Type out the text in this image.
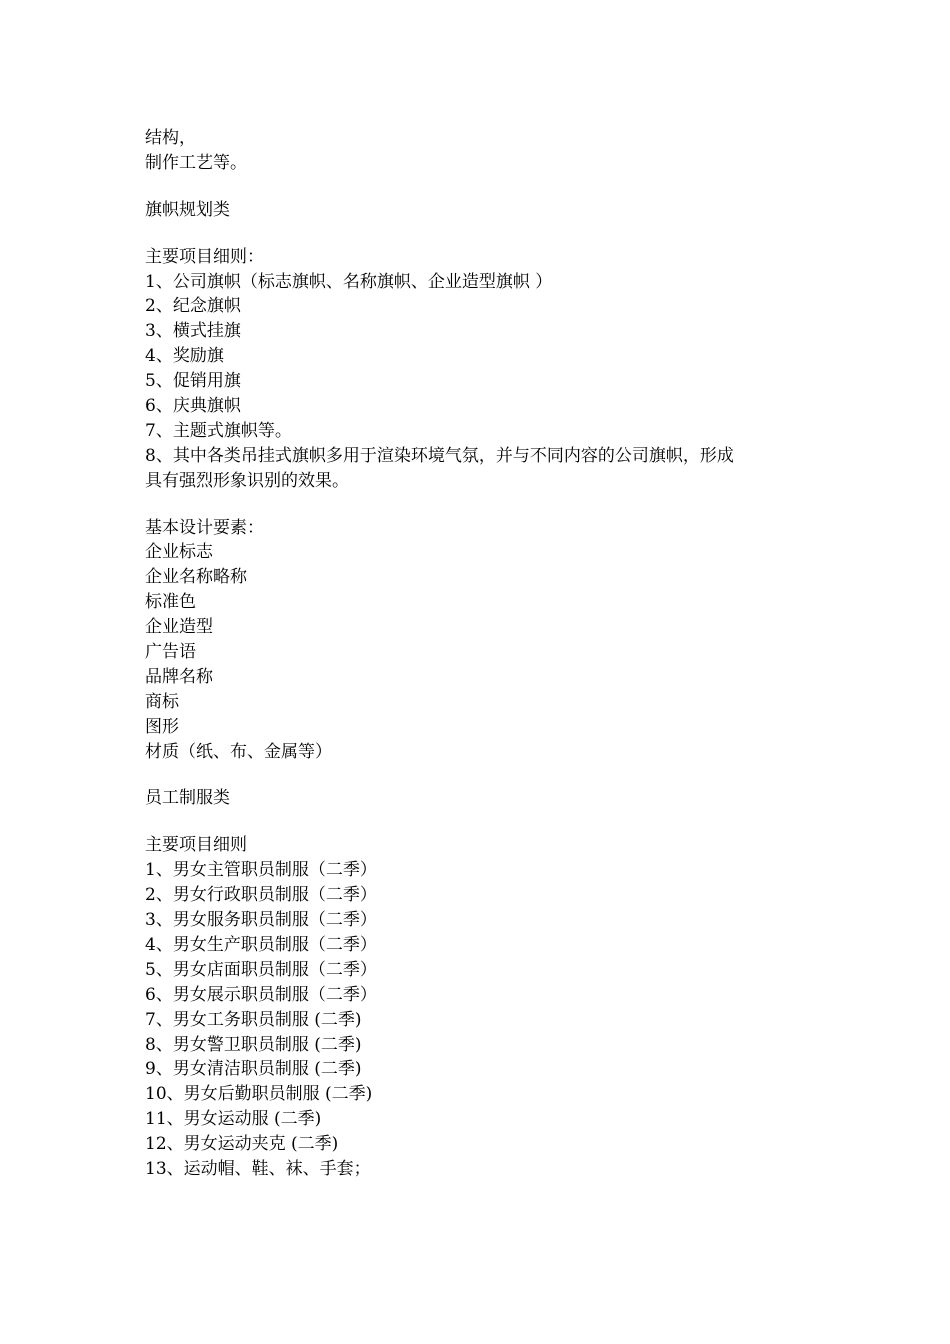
结构，
制作工艺等。
旗帜规划类
主要项目细则：
1、公司旗帜（标志旗帜、名称旗帜、企业造型旗帜 ）
2、纪念旗帜
3、横式挂旗
4、奖励旗
5、促销用旗
6、庆典旗帜
7、主题式旗帜等。
8、其中各类吊挂式旗帜多用于渲染环境气氛，并与不同内容的公司旗帜，形成
具有强烈形象识别的效果。
基本设计要素：
企业标志
企业名称略称
标准色
企业造型
广告语
品牌名称
商标
图形
材质（纸、布、金属等）
员工制服类
主要项目细则
1、男女主管职员制服（二季）
2、男女行政职员制服（二季）
3、男女服务职员制服（二季）
4、男女生产职员制服（二季）
5、男女店面职员制服（二季）
6、男女展示职员制服（二季）
7、男女工务职员制服 (二季)
8、男女警卫职员制服 (二季)
9、男女清洁职员制服 (二季)
10、男女后勤职员制服 (二季)
11、男女运动服 (二季)
12、男女运动夹克 (二季)
13、运动帽、鞋、袜、手套；
